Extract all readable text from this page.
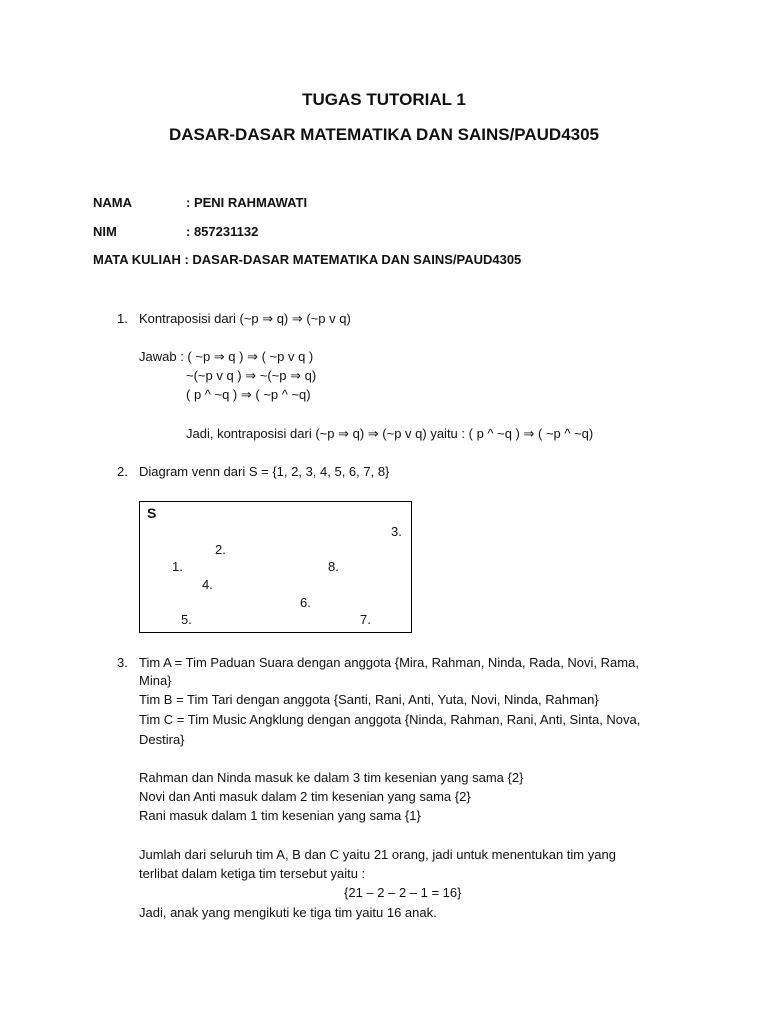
TUGAS TUTORIAL 1
DASAR-DASAR MATEMATIKA DAN SAINS/PAUD4305
NAMA	: PENI RAHMAWATI
NIM	: 857231132
MATA KULIAH : DASAR-DASAR MATEMATIKA DAN SAINS/PAUD4305
1. Kontraposisi dari (~p ⇒ q) ⇒ (~p v q)
Jawab : ( ~p ⇒ q ) ⇒ ( ~p v q )
~(~p v q ) ⇒ ~(~p ⇒ q)
( p ^ ~q ) ⇒ ( ~p ^ ~q)
Jadi, kontraposisi dari (~p ⇒ q) ⇒ (~p v q) yaitu : ( p ^ ~q ) ⇒ ( ~p ^ ~q)
2. Diagram venn dari S = {1, 2, 3, 4, 5, 6, 7, 8}
S
3.
2.
1.	8.
4.
6.
5.	7.
3. Tim A = Tim Paduan Suara dengan anggota {Mira, Rahman, Ninda, Rada, Novi, Rama,
Mina}
Tim B = Tim Tari dengan anggota {Santi, Rani, Anti, Yuta, Novi, Ninda, Rahman}
Tim C = Tim Music Angklung dengan anggota {Ninda, Rahman, Rani, Anti, Sinta, Nova,
Destira}
Rahman dan Ninda masuk ke dalam 3 tim kesenian yang sama {2}
Novi dan Anti masuk dalam 2 tim kesenian yang sama {2}
Rani masuk dalam 1 tim kesenian yang sama {1}
Jumlah dari seluruh tim A, B dan C yaitu 21 orang, jadi untuk menentukan tim yang
terlibat dalam ketiga tim tersebut yaitu :
{21 – 2 – 2 – 1 = 16}
Jadi, anak yang mengikuti ke tiga tim yaitu 16 anak.
